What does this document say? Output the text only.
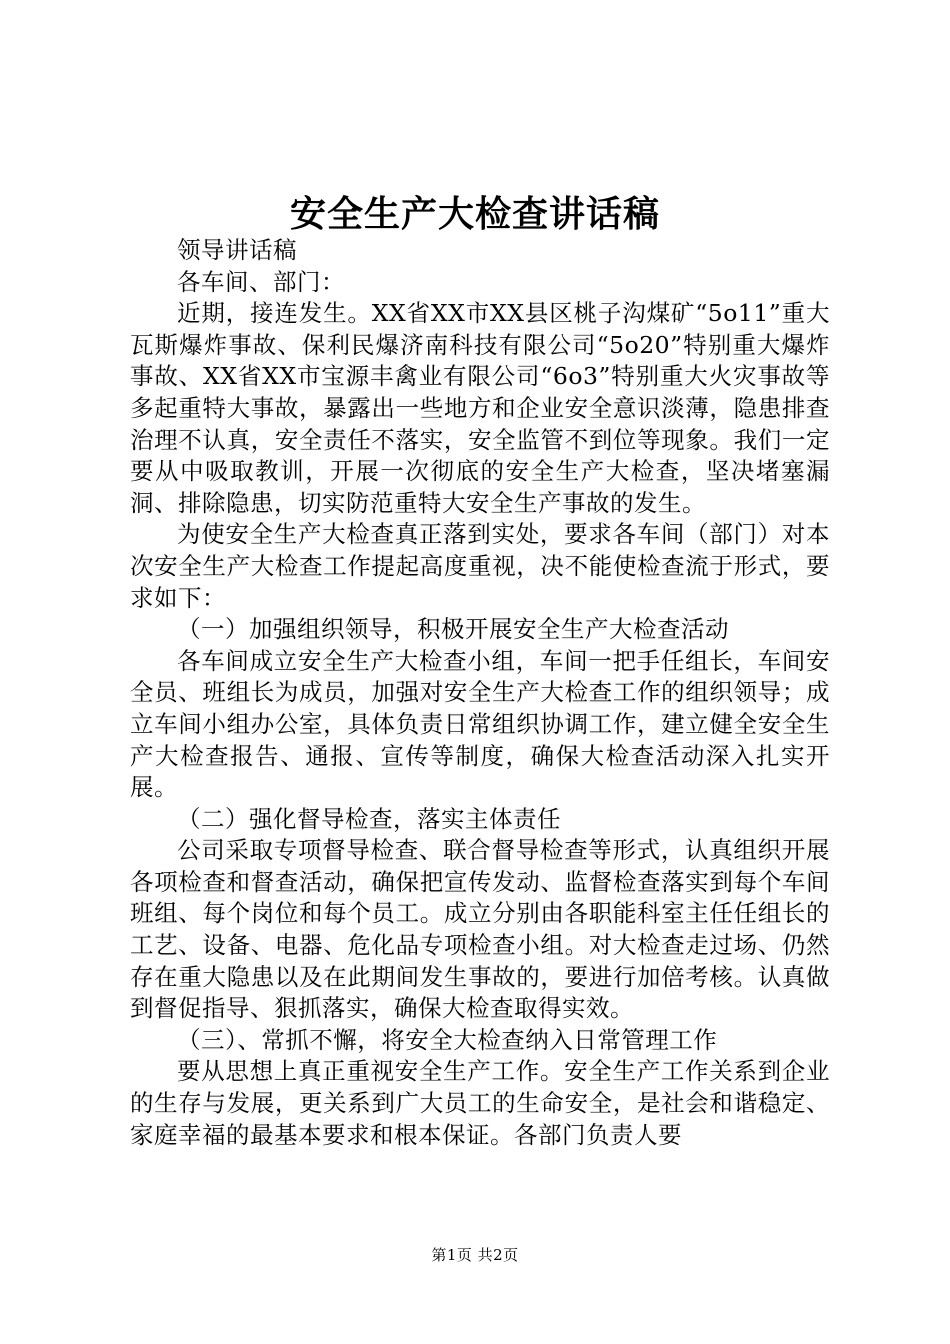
安全生产大检查讲话稿

领导讲话稿

各车间、部门：

近期，接连发生。XX省XX市XX县区桃子沟煤矿“5o11”重大瓦斯爆炸事故、保利民爆济南科技有限公司“5o20”特别重大爆炸事故、XX省XX市宝源丰禽业有限公司“6o3”特别重大火灾事故等多起重特大事故，暴露出一些地方和企业安全意识淡薄，隐患排查治理不认真，安全责任不落实，安全监管不到位等现象。我们一定要从中吸取教训，开展一次彻底的安全生产大检查，坚决堵塞漏洞、排除隐患，切实防范重特大安全生产事故的发生。

为使安全生产大检查真正落到实处，要求各车间（部门）对本次安全生产大检查工作提起高度重视，决不能使检查流于形式，要求如下：

（一）加强组织领导，积极开展安全生产大检查活动

各车间成立安全生产大检查小组，车间一把手任组长，车间安全员、班组长为成员，加强对安全生产大检查工作的组织领导；成立车间小组办公室，具体负责日常组织协调工作，建立健全安全生产大检查报告、通报、宣传等制度，确保大检查活动深入扎实开展。

（二）强化督导检查，落实主体责任

公司采取专项督导检查、联合督导检查等形式，认真组织开展各项检查和督查活动，确保把宣传发动、监督检查落实到每个车间班组、每个岗位和每个员工。成立分别由各职能科室主任任组长的工艺、设备、电器、危化品专项检查小组。对大检查走过场、仍然存在重大隐患以及在此期间发生事故的，要进行加倍考核。认真做到督促指导、狠抓落实，确保大检查取得实效。

（三）、常抓不懈，将安全大检查纳入日常管理工作

要从思想上真正重视安全生产工作。安全生产工作关系到企业的生存与发展，更关系到广大员工的生命安全，是社会和谐稳定、家庭幸福的最基本要求和根本保证。各部门负责人要

第1页 共2页
